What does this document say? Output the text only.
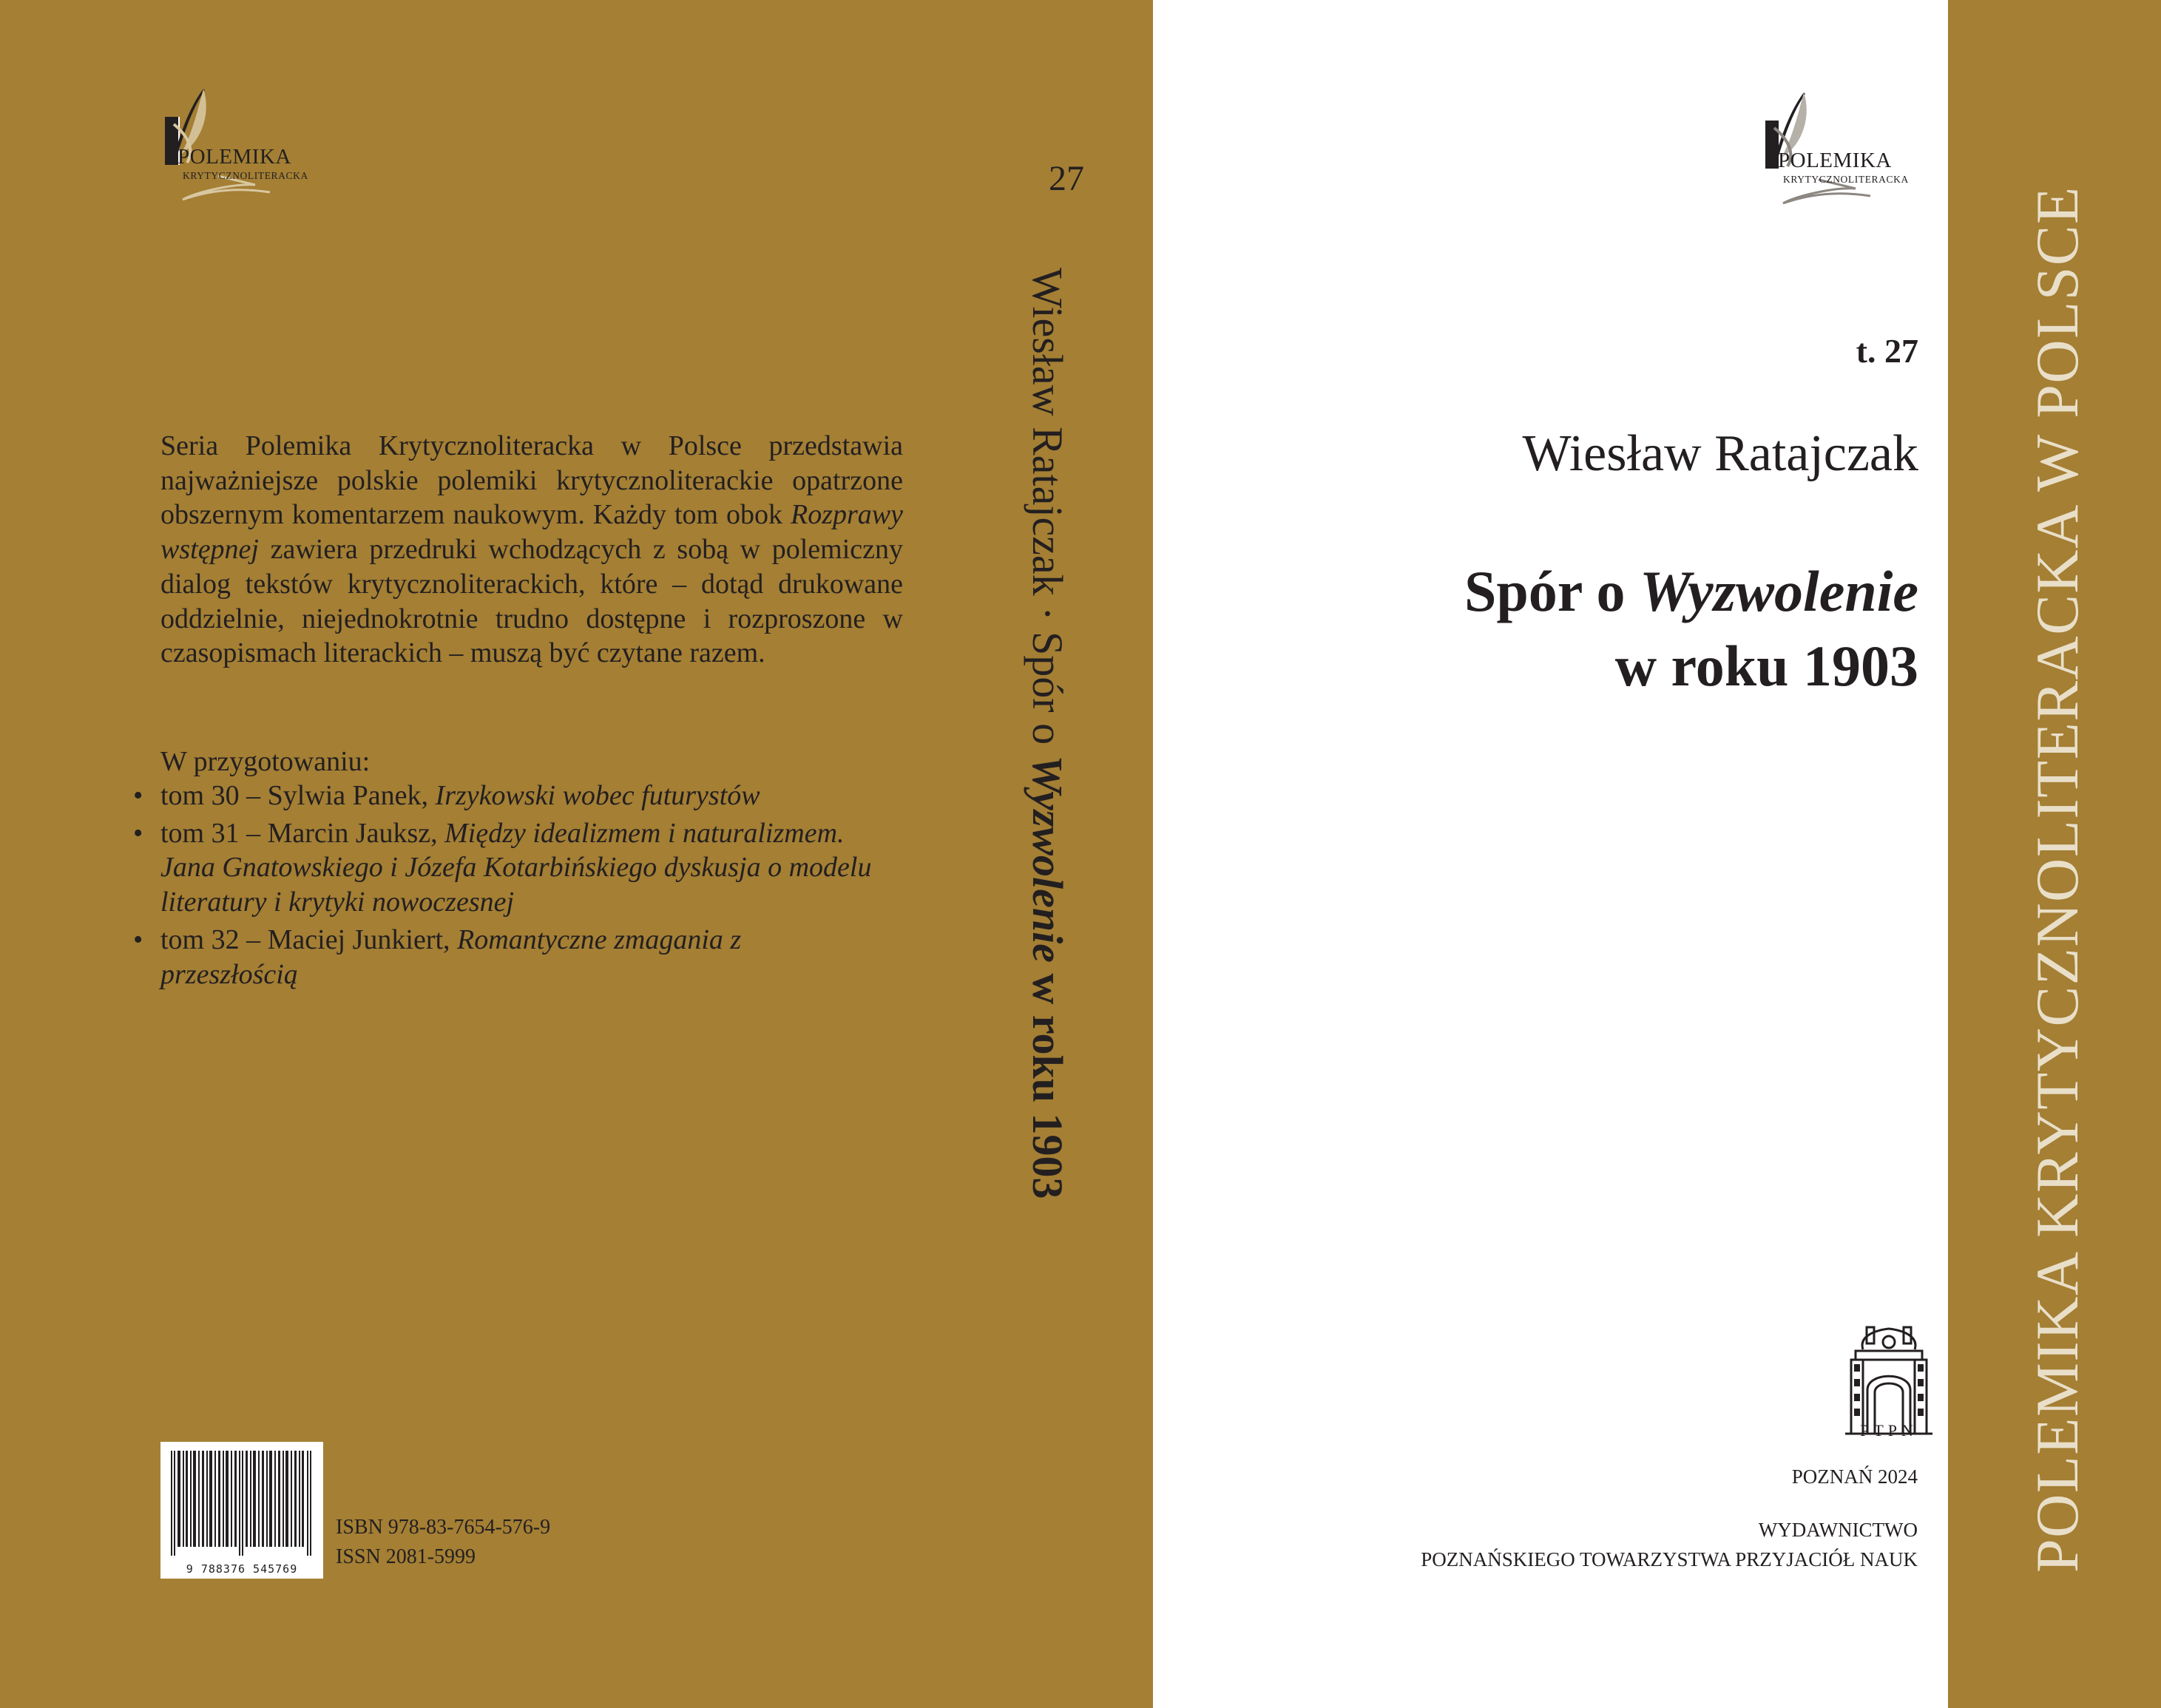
POLEMIKA
KRYTYCZNOLITERACKA	27

Seria Polemika Krytycznoliteracka w Polsce przedstawia najważniejsze polskie polemiki krytycznoliterackie opatrzone obszernym komentarzem naukowym. Każdy tom obok Rozprawy wstępnej zawiera przedruki wchodzących z sobą w polemiczny dialog tekstów krytycznoliterackich, które – dotąd drukowane oddzielnie, niejednokrotnie trudno dostępne i rozproszone w czasopismach literackich – muszą być czytane razem.

W przygotowaniu:
• tom 30 – Sylwia Panek, Irzykowski wobec futurystów
• tom 31 – Marcin Jauksz, Między idealizmem i naturalizmem. Jana Gnatowskiego i Józefa Kotarbińskiego dyskusja o modelu literatury i krytyki nowoczesnej
• tom 32 – Maciej Junkiert, Romantyczne zmagania z przeszłością
9 788376 545769
ISBN 978-83-7654-576-9
ISSN 2081-5999
Wiesław Ratajczak · Spór o Wyzwolenie w roku 1903
POLEMIKA
KRYTYCZNOLITERACKA
t. 27
Wiesław Ratajczak
Spór o Wyzwolenie
w roku 1903
PTPN
POZNAŃ 2024
WYDAWNICTWO
POZNAŃSKIEGO TOWARZYSTWA PRZYJACIÓŁ NAUK	POLEMIKA KRYTYCZNOLITERACKA W POLSCE
